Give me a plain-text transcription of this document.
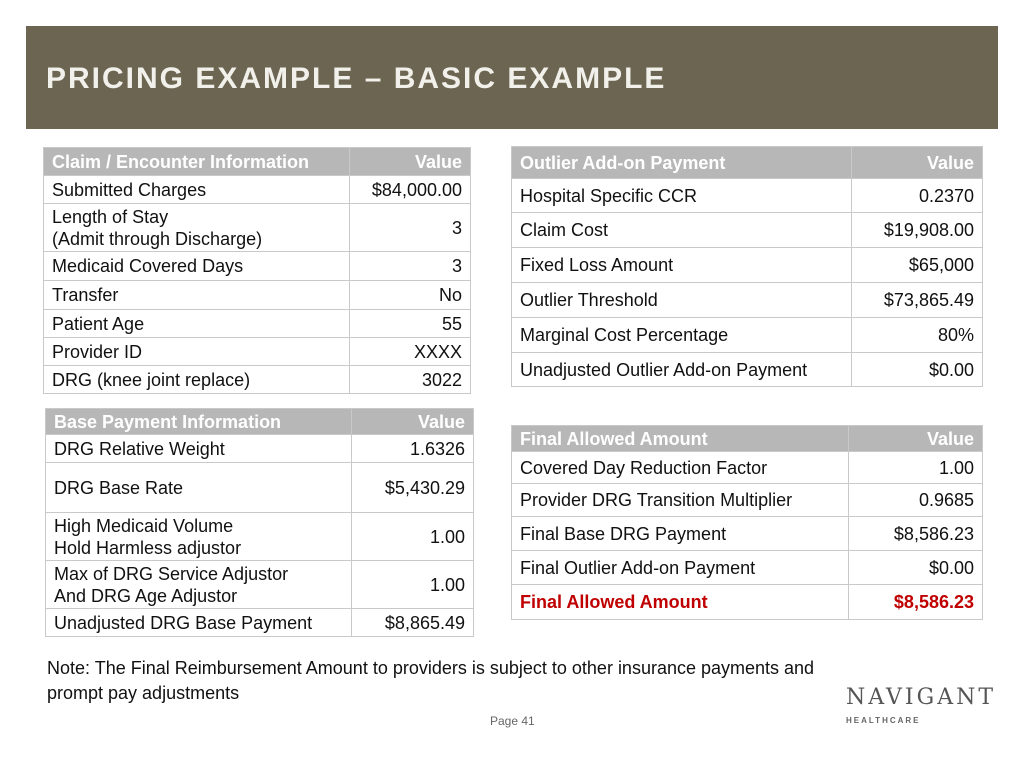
PRICING EXAMPLE – BASIC EXAMPLE
Claim / Encounter Information	Value
Submitted Charges	$84,000.00

Length of Stay
(Admit through Discharge)	3
Medicaid Covered Days	3
Transfer	No
Patient Age	55
Provider ID	XXXX
DRG (knee joint replace)	3022
Base Payment Information	Value
DRG Relative Weight	1.6326
DRG Base Rate	$5,430.29

High Medicaid Volume
Hold Harmless adjustor	1.00

Max of DRG Service Adjustor
And DRG Age Adjustor	1.00
Unadjusted DRG Base Payment	$8,865.49
Outlier Add-on Payment	Value
Hospital Specific CCR	0.2370
Claim Cost	$19,908.00
Fixed Loss Amount	$65,000
Outlier Threshold	$73,865.49
Marginal Cost Percentage	80%
Unadjusted Outlier Add-on Payment	$0.00
Final Allowed Amount	Value
Covered Day Reduction Factor	1.00
Provider DRG Transition Multiplier	0.9685
Final Base DRG Payment	$8,586.23
Final Outlier Add-on Payment	$0.00
Final Allowed Amount	$8,586.23

Note: The Final Reimbursement Amount to providers is subject to other insurance payments and prompt pay adjustments

Page 41
NAVIGANT
HEALTHCARE
